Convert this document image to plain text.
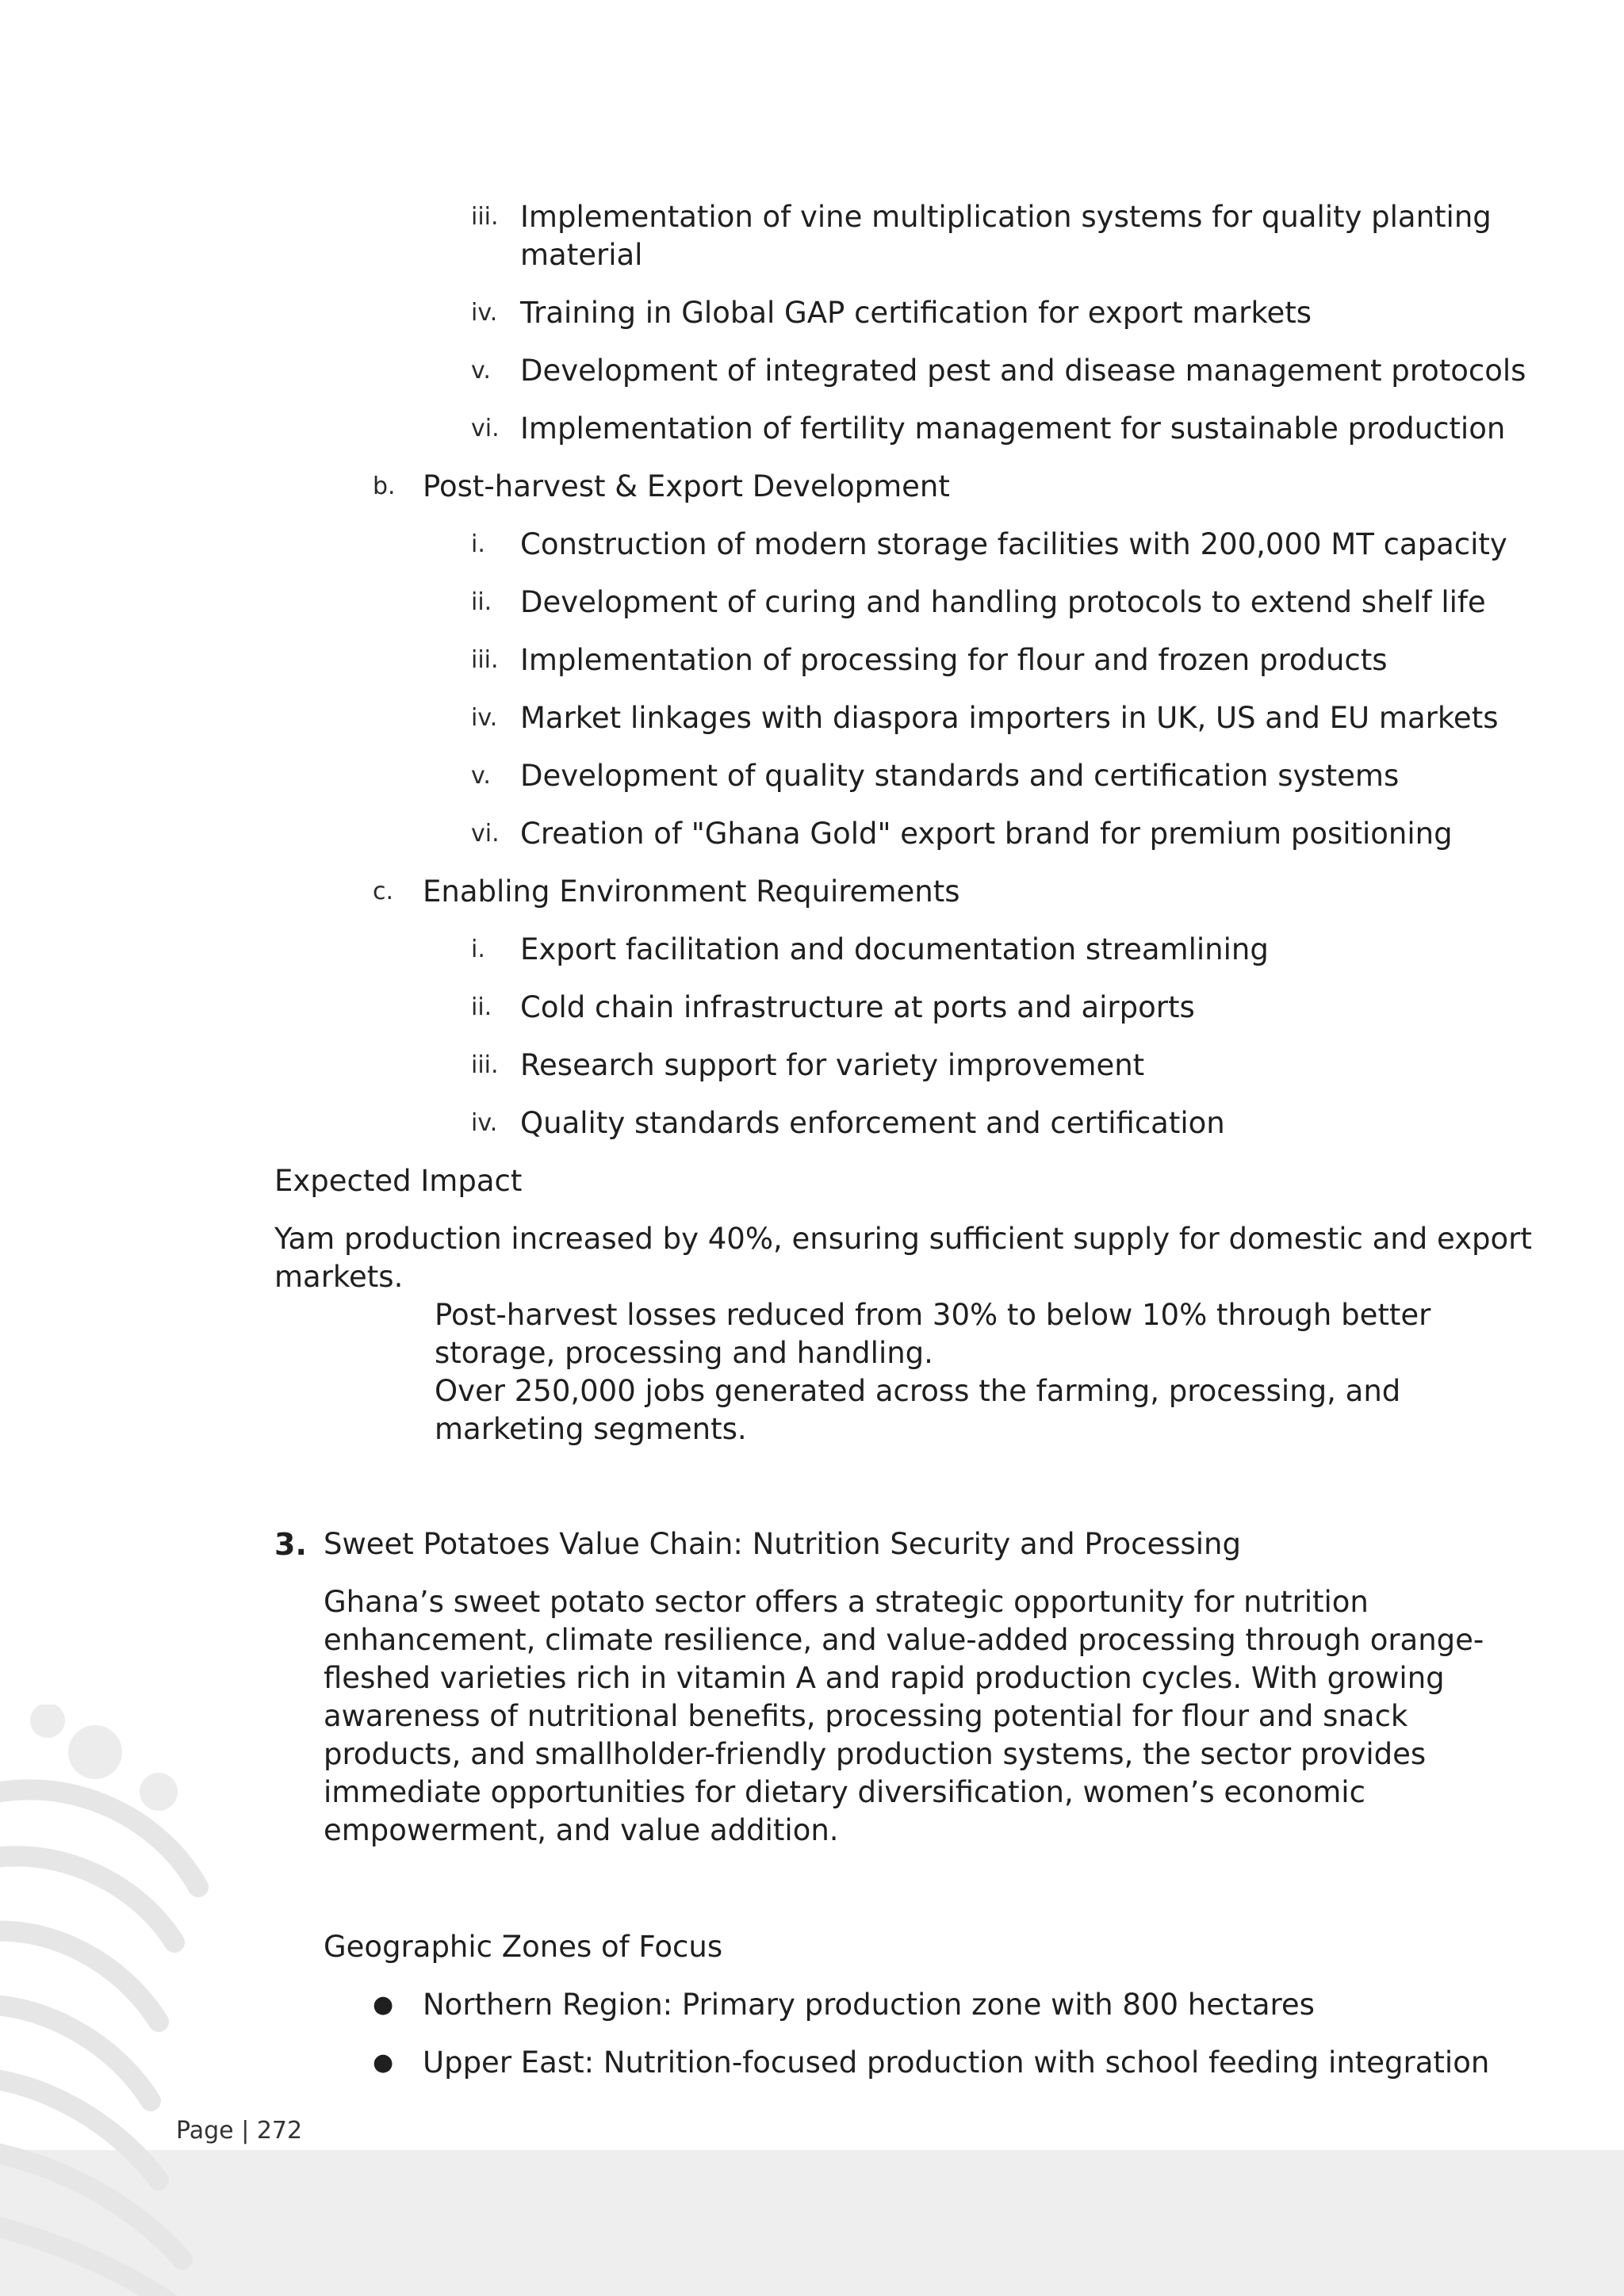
iii. Implementation of vine multiplication systems for quality planting
material
iv. Training in Global GAP certification for export markets
v. Development of integrated pest and disease management protocols
vi. Implementation of fertility management for sustainable production
b. Post-harvest & Export Development
i. Construction of modern storage facilities with 200,000 MT capacity
ii. Development of curing and handling protocols to extend shelf life
iii. Implementation of processing for flour and frozen products
iv. Market linkages with diaspora importers in UK, US and EU markets
v. Development of quality standards and certification systems
vi. Creation of "Ghana Gold" export brand for premium positioning
c. Enabling Environment Requirements
i. Export facilitation and documentation streamlining
ii. Cold chain infrastructure at ports and airports
iii. Research support for variety improvement
iv. Quality standards enforcement and certification
Expected Impact
Yam production increased by 40%, ensuring sufficient supply for domestic and export
markets.
Post-harvest losses reduced from 30% to below 10% through better
storage, processing and handling.
Over 250,000 jobs generated across the farming, processing, and
marketing segments.
3. Sweet Potatoes Value Chain: Nutrition Security and Processing
Ghana’s sweet potato sector offers a strategic opportunity for nutrition
enhancement, climate resilience, and value-added processing through orange-
fleshed varieties rich in vitamin A and rapid production cycles. With growing
awareness of nutritional benefits, processing potential for flour and snack
products, and smallholder-friendly production systems, the sector provides
immediate opportunities for dietary diversification, women’s economic
empowerment, and value addition.
Geographic Zones of Focus
● Northern Region: Primary production zone with 800 hectares
● Upper East: Nutrition-focused production with school feeding integration
Page | 272
